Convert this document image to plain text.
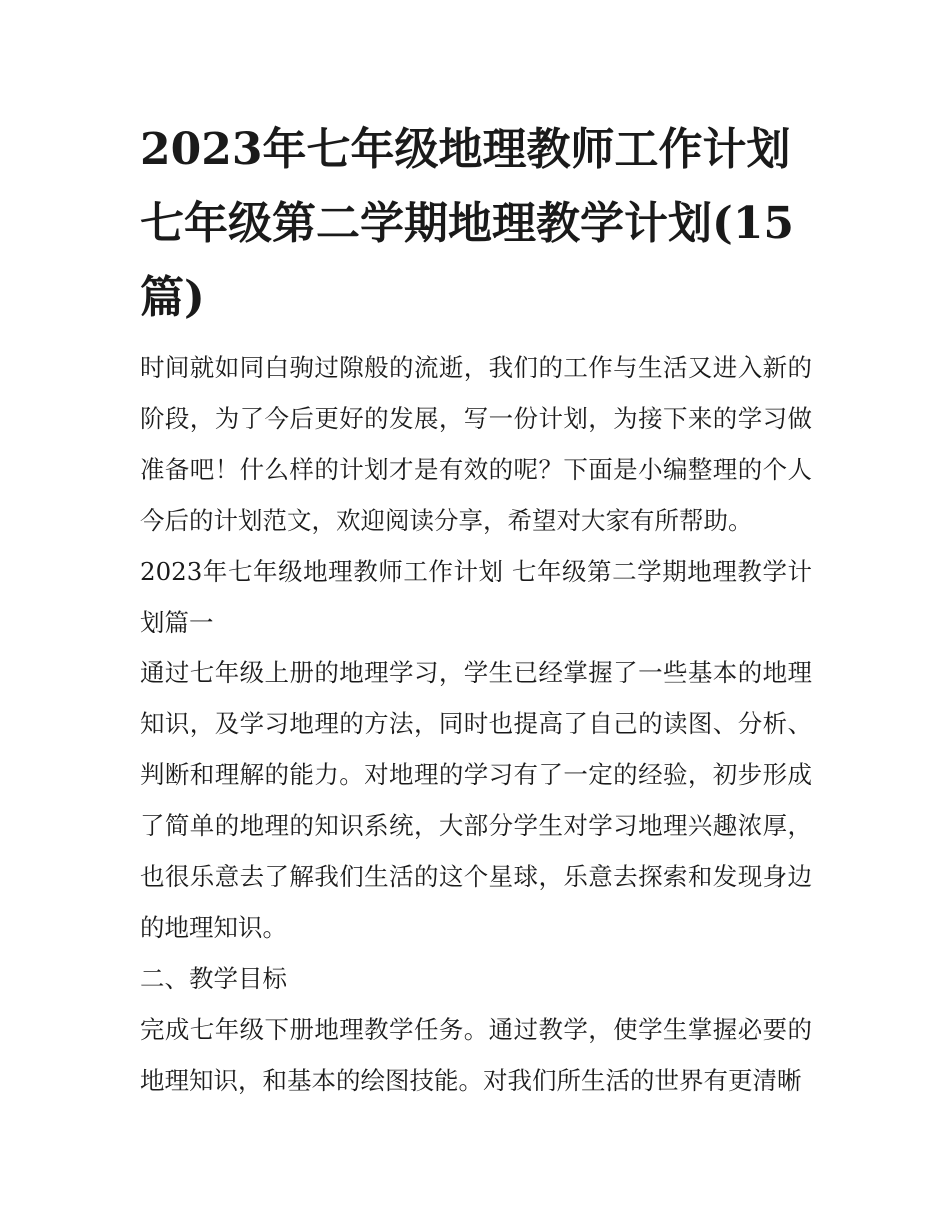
2023年七年级地理教师工作计划 七年级第二学期地理教学计划(15篇)

时间就如同白驹过隙般的流逝，我们的工作与生活又进入新的阶段，为了今后更好的发展，写一份计划，为接下来的学习做准备吧！什么样的计划才是有效的呢？下面是小编整理的个人今后的计划范文，欢迎阅读分享，希望对大家有所帮助。

2023年七年级地理教师工作计划 七年级第二学期地理教学计划篇一

通过七年级上册的地理学习，学生已经掌握了一些基本的地理知识，及学习地理的方法，同时也提高了自己的读图、分析、判断和理解的能力。对地理的学习有了一定的经验，初步形成了简单的地理的知识系统，大部分学生对学习地理兴趣浓厚，也很乐意去了解我们生活的这个星球，乐意去探索和发现身边的地理知识。

二、教学目标

完成七年级下册地理教学任务。通过教学，使学生掌握必要的地理知识，和基本的绘图技能。对我们所生活的世界有更清晰
